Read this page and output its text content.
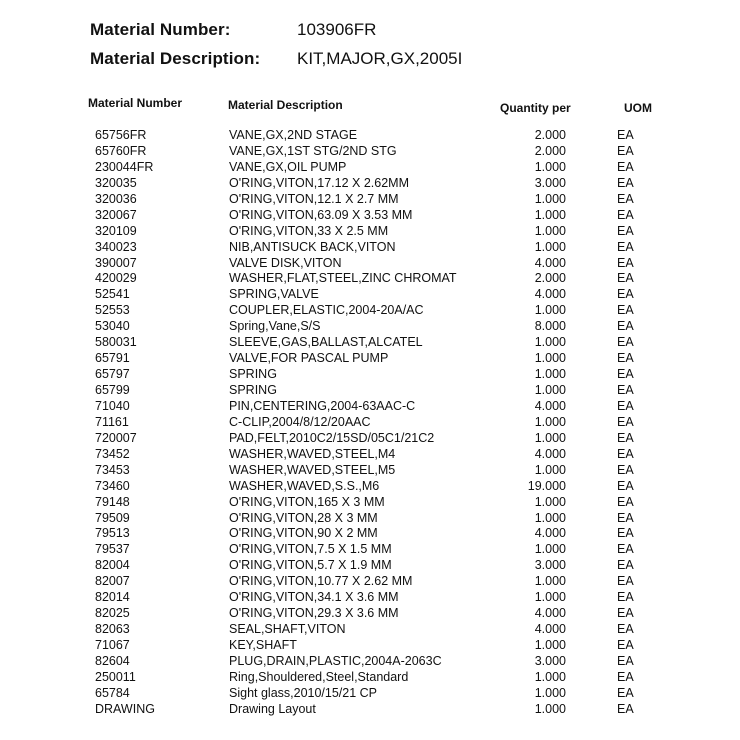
Material Number:	103906FR
Material Description: KIT,MAJOR,GX,2005I
Material Number	Material Description	Quantity per	UOM
65756FR	VANE,GX,2ND STAGE	2.000	EA
65760FR	VANE,GX,1ST STG/2ND STG	2.000	EA
230044FR	VANE,GX,OIL PUMP	1.000	EA
320035	O'RING,VITON,17.12 X 2.62MM	3.000	EA
320036	O'RING,VITON,12.1 X 2.7 MM	1.000	EA
320067	O'RING,VITON,63.09 X 3.53 MM	1.000	EA
320109	O'RING,VITON,33 X 2.5 MM	1.000	EA
340023	NIB,ANTISUCK BACK,VITON	1.000	EA
390007	VALVE DISK,VITON	4.000	EA
420029	WASHER,FLAT,STEEL,ZINC CHROMAT	2.000	EA
52541	SPRING,VALVE	4.000	EA
52553	COUPLER,ELASTIC,2004-20A/AC	1.000	EA
53040	Spring,Vane,S/S	8.000	EA
580031	SLEEVE,GAS,BALLAST,ALCATEL	1.000	EA
65791	VALVE,FOR PASCAL PUMP	1.000	EA
65797	SPRING	1.000	EA
65799	SPRING	1.000	EA
71040	PIN,CENTERING,2004-63AAC-C	4.000	EA
71161	C-CLIP,2004/8/12/20AAC	1.000	EA
720007	PAD,FELT,2010C2/15SD/05C1/21C2	1.000	EA
73452	WASHER,WAVED,STEEL,M4	4.000	EA
73453	WASHER,WAVED,STEEL,M5	1.000	EA
73460	WASHER,WAVED,S.S.,M6	19.000	EA
79148	O'RING,VITON,165 X 3 MM	1.000	EA
79509	O'RING,VITON,28 X 3 MM	1.000	EA
79513	O'RING,VITON,90 X 2 MM	4.000	EA
79537	O'RING,VITON,7.5 X 1.5 MM	1.000	EA
82004	O'RING,VITON,5.7 X 1.9 MM	3.000	EA
82007	O'RING,VITON,10.77 X 2.62 MM	1.000	EA
82014	O'RING,VITON,34.1 X 3.6 MM	1.000	EA
82025	O'RING,VITON,29.3 X 3.6 MM	4.000	EA
82063	SEAL,SHAFT,VITON	4.000	EA
71067	KEY,SHAFT	1.000	EA
82604	PLUG,DRAIN,PLASTIC,2004A-2063C	3.000	EA
250011	Ring,Shouldered,Steel,Standard	1.000	EA
65784	Sight glass,2010/15/21 CP	1.000	EA
DRAWING	Drawing Layout	1.000	EA
